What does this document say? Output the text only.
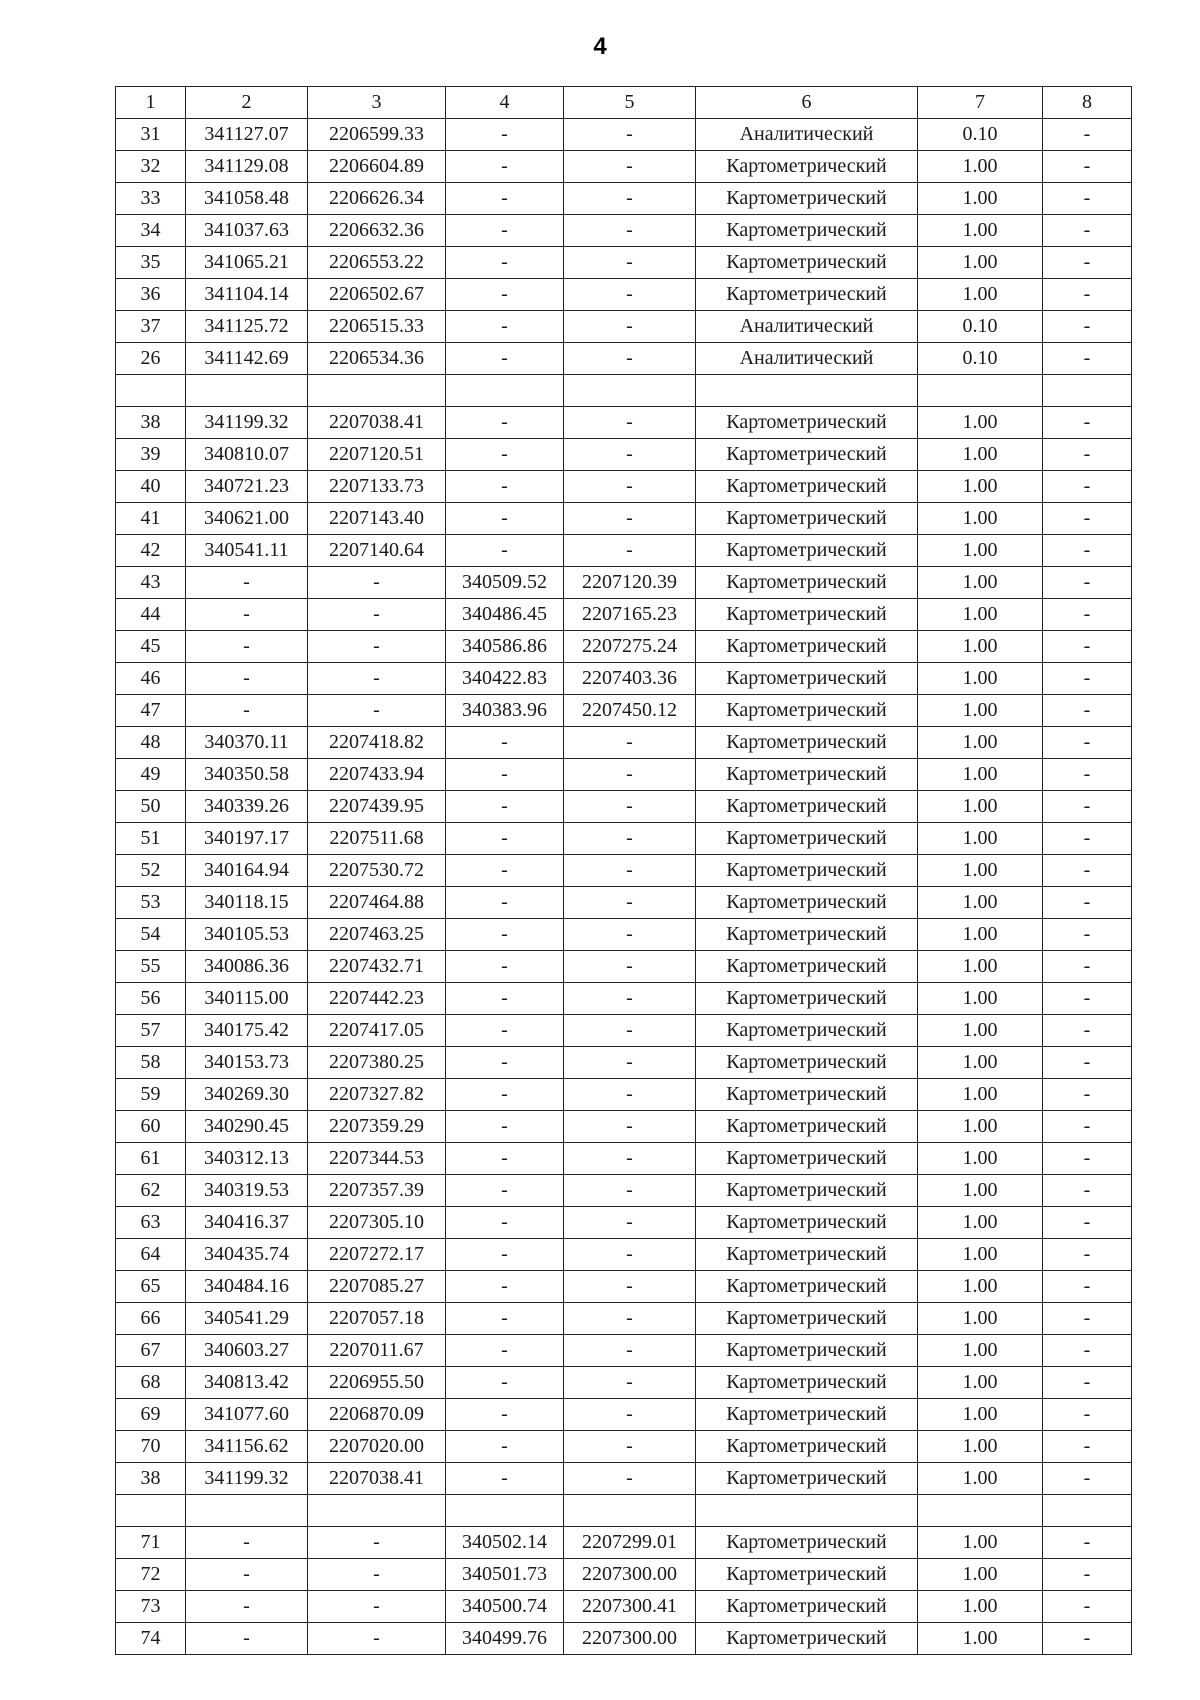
4
1	2	3	4	5	6	7	8
31	341127.07	2206599.33	-	-	Аналитический	0.10	-
32	341129.08	2206604.89	-	-	Картометрический	1.00	-
33	341058.48	2206626.34	-	-	Картометрический	1.00	-
34	341037.63	2206632.36	-	-	Картометрический	1.00	-
35	341065.21	2206553.22	-	-	Картометрический	1.00	-
36	341104.14	2206502.67	-	-	Картометрический	1.00	-
37	341125.72	2206515.33	-	-	Аналитический	0.10	-
26	341142.69	2206534.36	-	-	Аналитический	0.10	-

38	341199.32	2207038.41	-	-	Картометрический	1.00	-
39	340810.07	2207120.51	-	-	Картометрический	1.00	-
40	340721.23	2207133.73	-	-	Картометрический	1.00	-
41	340621.00	2207143.40	-	-	Картометрический	1.00	-
42	340541.11	2207140.64	-	-	Картометрический	1.00	-
43	-	-	340509.52	2207120.39	Картометрический	1.00	-
44	-	-	340486.45	2207165.23	Картометрический	1.00	-
45	-	-	340586.86	2207275.24	Картометрический	1.00	-
46	-	-	340422.83	2207403.36	Картометрический	1.00	-
47	-	-	340383.96	2207450.12	Картометрический	1.00	-
48	340370.11	2207418.82	-	-	Картометрический	1.00	-
49	340350.58	2207433.94	-	-	Картометрический	1.00	-
50	340339.26	2207439.95	-	-	Картометрический	1.00	-
51	340197.17	2207511.68	-	-	Картометрический	1.00	-
52	340164.94	2207530.72	-	-	Картометрический	1.00	-
53	340118.15	2207464.88	-	-	Картометрический	1.00	-
54	340105.53	2207463.25	-	-	Картометрический	1.00	-
55	340086.36	2207432.71	-	-	Картометрический	1.00	-
56	340115.00	2207442.23	-	-	Картометрический	1.00	-
57	340175.42	2207417.05	-	-	Картометрический	1.00	-
58	340153.73	2207380.25	-	-	Картометрический	1.00	-
59	340269.30	2207327.82	-	-	Картометрический	1.00	-
60	340290.45	2207359.29	-	-	Картометрический	1.00	-
61	340312.13	2207344.53	-	-	Картометрический	1.00	-
62	340319.53	2207357.39	-	-	Картометрический	1.00	-
63	340416.37	2207305.10	-	-	Картометрический	1.00	-
64	340435.74	2207272.17	-	-	Картометрический	1.00	-
65	340484.16	2207085.27	-	-	Картометрический	1.00	-
66	340541.29	2207057.18	-	-	Картометрический	1.00	-
67	340603.27	2207011.67	-	-	Картометрический	1.00	-
68	340813.42	2206955.50	-	-	Картометрический	1.00	-
69	341077.60	2206870.09	-	-	Картометрический	1.00	-
70	341156.62	2207020.00	-	-	Картометрический	1.00	-
38	341199.32	2207038.41	-	-	Картометрический	1.00	-

71	-	-	340502.14	2207299.01	Картометрический	1.00	-
72	-	-	340501.73	2207300.00	Картометрический	1.00	-
73	-	-	340500.74	2207300.41	Картометрический	1.00	-
74	-	-	340499.76	2207300.00	Картометрический	1.00	-
